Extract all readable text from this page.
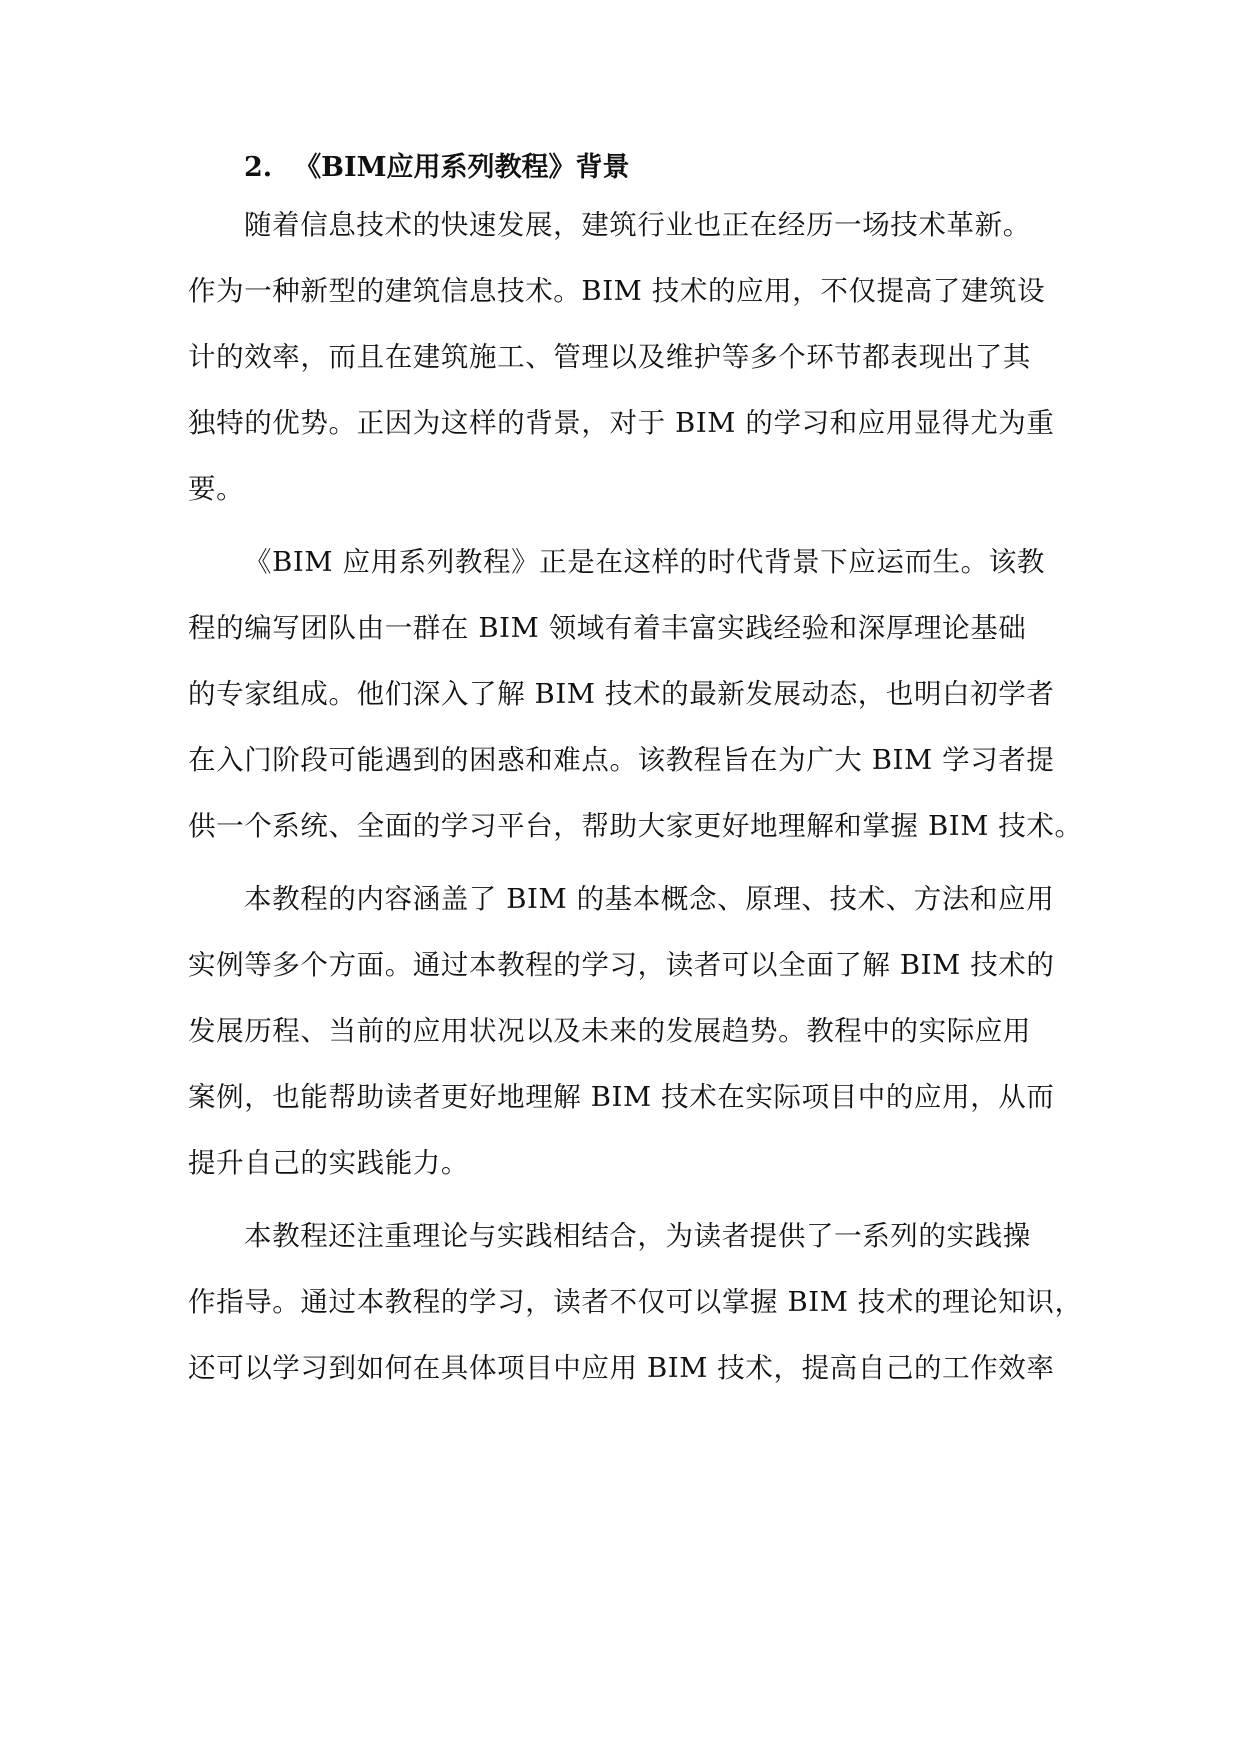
2. 《BIM应用系列教程》背景
随着信息技术的快速发展，建筑行业也正在经历一场技术革新。
作为一种新型的建筑信息技术。BIM 技术的应用，不仅提高了建筑设
计的效率，而且在建筑施工、管理以及维护等多个环节都表现出了其
独特的优势。正因为这样的背景，对于 BIM 的学习和应用显得尤为重
要。
《BIM 应用系列教程》正是在这样的时代背景下应运而生。该教
程的编写团队由一群在 BIM 领域有着丰富实践经验和深厚理论基础
的专家组成。他们深入了解 BIM 技术的最新发展动态，也明白初学者
在入门阶段可能遇到的困惑和难点。该教程旨在为广大 BIM 学习者提
供一个系统、全面的学习平台，帮助大家更好地理解和掌握 BIM 技术。
本教程的内容涵盖了 BIM 的基本概念、原理、技术、方法和应用
实例等多个方面。通过本教程的学习，读者可以全面了解 BIM 技术的
发展历程、当前的应用状况以及未来的发展趋势。教程中的实际应用
案例，也能帮助读者更好地理解 BIM 技术在实际项目中的应用，从而
提升自己的实践能力。
本教程还注重理论与实践相结合，为读者提供了一系列的实践操
作指导。通过本教程的学习，读者不仅可以掌握 BIM 技术的理论知识，
还可以学习到如何在具体项目中应用 BIM 技术，提高自己的工作效率
